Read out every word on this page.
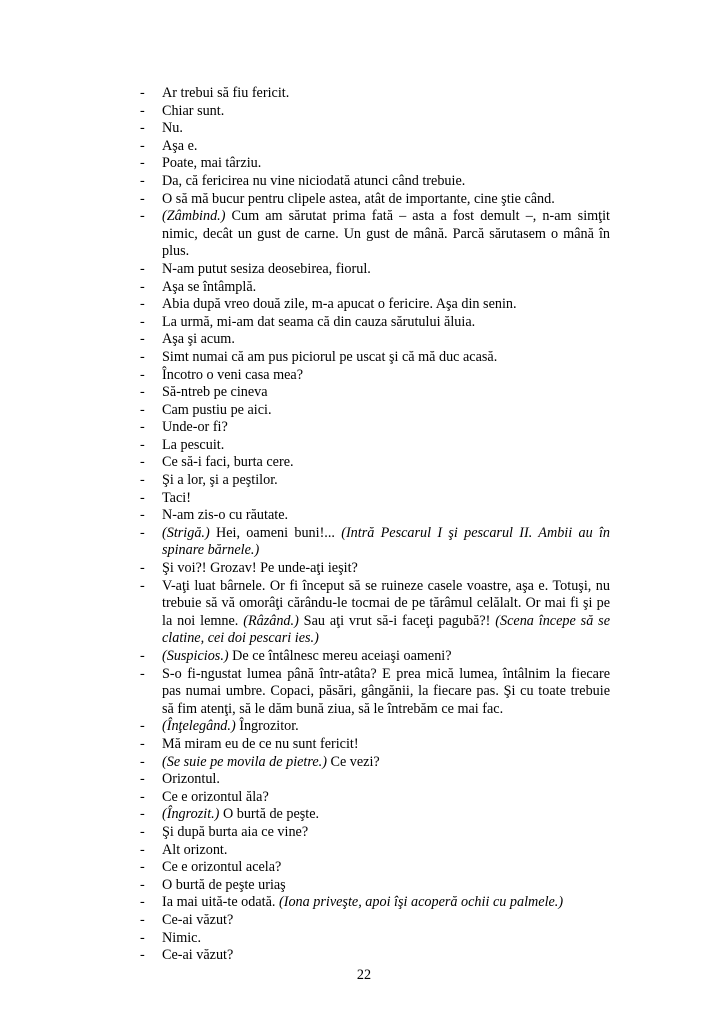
- Ar trebui să fiu fericit.
- Chiar sunt.
- Nu.
- Aşa e.
- Poate, mai târziu.
- Da, că fericirea nu vine niciodată atunci când trebuie.
- O să mă bucur pentru clipele astea, atât de importante, cine ştie când.
- (Zâmbind.) Cum am sărutat prima fată – asta a fost demult –, n-am simţit nimic, decât un gust de carne. Un gust de mână. Parcă sărutasem o mână în plus.
- N-am putut sesiza deosebirea, fiorul.
- Aşa se întâmplă.
- Abia după vreo două zile, m-a apucat o fericire. Aşa din senin.
- La urmă, mi-am dat seama că din cauza sărutului ăluia.
- Aşa şi acum.
- Simt numai că am pus piciorul pe uscat şi că mă duc acasă.
- Încotro o veni casa mea?
- Să-ntreb pe cineva
- Cam pustiu pe aici.
- Unde-or fi?
- La pescuit.
- Ce să-i faci, burta cere.
- Şi a lor, şi a peştilor.
- Taci!
- N-am zis-o cu răutate.
- (Strigă.) Hei, oameni buni!... (Intră Pescarul I şi pescarul II. Ambii au în spinare bărnele.)
- Şi voi?! Grozav! Pe unde-aţi ieşit?
- V-aţi luat bârnele. Or fi început să se ruineze casele voastre, aşa e. Totuşi, nu trebuie să vă omorâţi cărându-le tocmai de pe tărâmul celălalt. Or mai fi şi pe la noi lemne. (Râzând.) Sau aţi vrut să-i faceţi pagubă?! (Scena începe să se clatine, cei doi pescari ies.)
- (Suspicios.) De ce întâlnesc mereu aceiaşi oameni?
- S-o fi-ngustat lumea până într-atâta? E prea mică lumea, întâlnim la fiecare pas numai umbre. Copaci, păsări, gângănii, la fiecare pas. Şi cu toate trebuie să fim atenţi, să le dăm bună ziua, să le întrebăm ce mai fac.
- (Înţelegând.) Îngrozitor.
- Mă miram eu de ce nu sunt fericit!
- (Se suie pe movila de pietre.) Ce vezi?
- Orizontul.
- Ce e orizontul ăla?
- (Îngrozit.) O burtă de peşte.
- Şi după burta aia ce vine?
- Alt orizont.
- Ce e orizontul acela?
- O burtă de peşte uriaş
- Ia mai uită-te odată. (Iona priveşte, apoi îşi acoperă ochii cu palmele.)
- Ce-ai văzut?
- Nimic.
- Ce-ai văzut?
22
